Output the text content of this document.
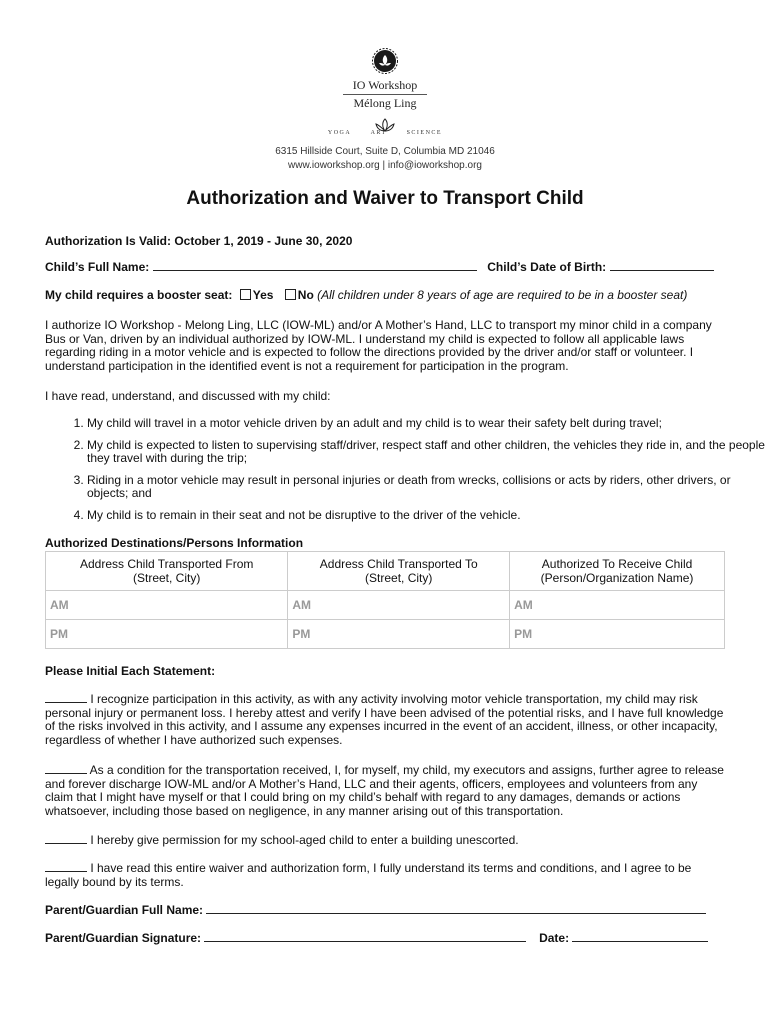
IO Workshop
Mélong Ling
YOGA	ART	SCIENCE
6315 Hillside Court, Suite D, Columbia MD 21046
www.ioworkshop.org | info@ioworkshop.org
Authorization and Waiver to Transport Child
Authorization Is Valid: October 1, 2019 - June 30, 2020
Child’s Full Name:	Child’s Date of Birth:
My child requires a booster seat: Yes No (All children under 8 years of age are required to be in a booster seat)
I authorize IO Workshop - Melong Ling, LLC (IOW-ML) and/or A Mother’s Hand, LLC to transport my minor child in a company Bus or Van, driven by an individual authorized by IOW-ML. I understand my child is expected to follow all applicable laws regarding riding in a motor vehicle and is expected to follow the directions provided by the driver and/or staff or volunteer. I understand participation in the identified event is not a requirement for participation in the program.
I have read, understand, and discussed with my child:
1. My child will travel in a motor vehicle driven by an adult and my child is to wear their safety belt during travel;
2. My child is expected to listen to supervising staff/driver, respect staff and other children, the vehicles they ride in, and the people they travel with during the trip;
3. Riding in a motor vehicle may result in personal injuries or death from wrecks, collisions or acts by riders, other drivers, or objects; and
4. My child is to remain in their seat and not be disruptive to the driver of the vehicle.
Authorized Destinations/Persons Information
Address Child Transported From
(Street, City)	Address Child Transported To
(Street, City)	Authorized To Receive Child
(Person/Organization Name)
AM	AM	AM
PM	PM	PM
Please Initial Each Statement:
I recognize participation in this activity, as with any activity involving motor vehicle transportation, my child may risk personal injury or permanent loss. I hereby attest and verify I have been advised of the potential risks, and I have full knowledge of the risks involved in this activity, and I assume any expenses incurred in the event of an accident, illness, or other incapacity, regardless of whether I have authorized such expenses.
As a condition for the transportation received, I, for myself, my child, my executors and assigns, further agree to release and forever discharge IOW-ML and/or A Mother’s Hand, LLC and their agents, officers, employees and volunteers from any claim that I might have myself or that I could bring on my child’s behalf with regard to any damages, demands or actions whatsoever, including those based on negligence, in any manner arising out of this transportation.
I hereby give permission for my school-aged child to enter a building unescorted.
I have read this entire waiver and authorization form, I fully understand its terms and conditions, and I agree to be legally bound by its terms.
Parent/Guardian Full Name:
Parent/Guardian Signature:	Date:
